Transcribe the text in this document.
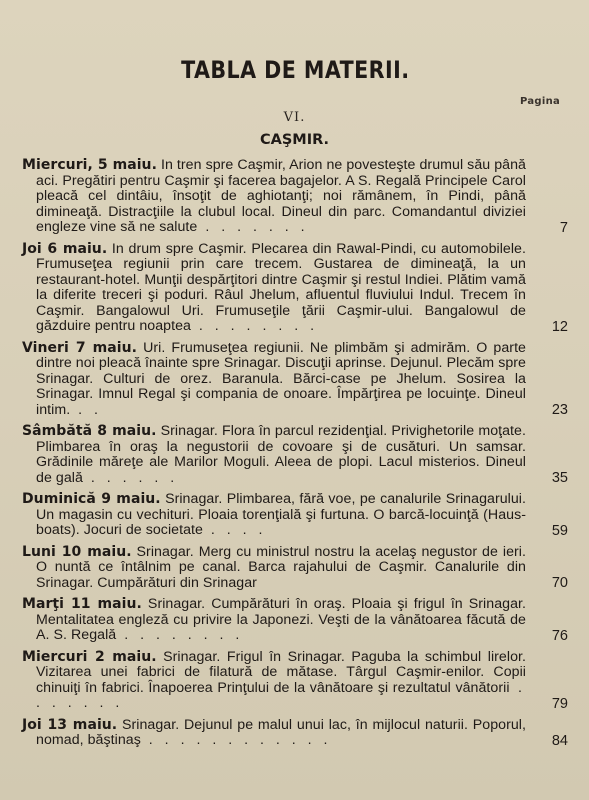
TABLA DE MATERII.
Pagina
VI.
CAŞMIR.
Miercuri, 5 maiu. In tren spre Caşmir, Arion ne povesteşte drumul său până aci. Pregătiri pentru Caşmir şi facerea bagajelor. A S. Regală Principele Carol pleacă cel dintâiu, însoţit de aghiotanţi; noi rămânem, în Pindi, până dimineaţă. Distracţiile la clubul local. Dineul din parc. Comandantul diviziei engleze vine să ne salute . . . . . . .	7
Joi 6 maiu. In drum spre Caşmir. Plecarea din Rawal-Pindi, cu automobilele. Frumuseţea regiunii prin care trecem. Gustarea de dimineaţă, la un restaurant-hotel. Munţii despărţitori dintre Caşmir şi restul Indiei. Plătim vamă la diferite treceri şi poduri. Râul Jhelum, afluentul fluviului Indul. Trecem în Caşmir. Bangalowul Uri. Frumuseţile ţării Caşmir-ului. Bangalowul de găzduire pentru noaptea . . . . . . . .	12
Vineri 7 maiu. Uri. Frumuseţea regiunii. Ne plimbăm şi admirăm. O parte dintre noi pleacă înainte spre Srinagar. Discuţii aprinse. Dejunul. Plecăm spre Srinagar. Culturi de orez. Baranula. Bărci-case pe Jhelum. Sosirea la Srinagar. Imnul Regal şi compania de onoare. Împărţirea pe locuinţe. Dineul intim. . .	23
Sâmbătă 8 maiu. Srinagar. Flora în parcul rezidenţial. Privighetorile moţate. Plimbarea în oraş la negustorii de covoare şi de cusături. Un samsar. Grădinile măreţe ale Marilor Moguli. Aleea de plopi. Lacul misterios. Dineul de gală . . . . . .	35
Duminică 9 maiu. Srinagar. Plimbarea, fără voe, pe canalurile Srinagarului. Un magasin cu vechituri. Ploaia torenţială şi furtuna. O barcă-locuinţă (Haus-boats). Jocuri de societate . . . .	59
Luni 10 maiu. Srinagar. Merg cu ministrul nostru la acelaş negustor de ieri. O nuntă ce întâlnim pe canal. Barca rajahului de Caşmir. Canalurile din Srinagar. Cumpărături din Srinagar	70
Marţi 11 maiu. Srinagar. Cumpărături în oraş. Ploaia şi frigul în Srinagar. Mentalitatea engleză cu privire la Japonezi. Veşti de la vânătoarea făcută de A. S. Regală . . . . . . . .	76
Miercuri 2 maiu. Srinagar. Frigul în Srinagar. Paguba la schimbul lirelor. Vizitarea unei fabrici de filatură de mătase. Târgul Caşmir-enilor. Copii chinuiţi în fabrici. Înapoerea Prinţului de la vânătoare şi rezultatul vânătorii . . . . . . .	79
Joi 13 maiu. Srinagar. Dejunul pe malul unui lac, în mijlocul naturii. Poporul, nomad, băştinaş . . . . . . . . . . . .	84
